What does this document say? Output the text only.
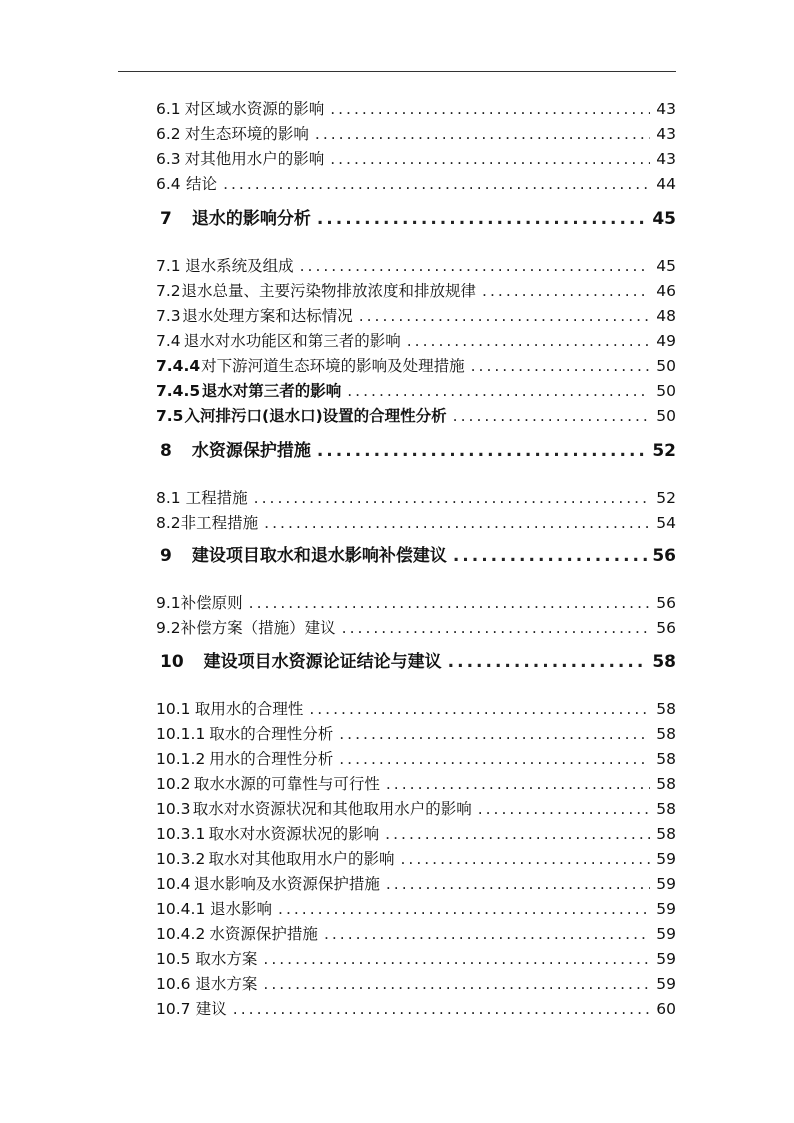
6.1 对区域水资源的影响 .....	43
6.2 对生态环境的影响 .....	43
6.3 对其他用水户的影响 .....	43
6.4 结论 .....	44
7 退水的影响分析 .....	45
7.1 退水系统及组成 .....	45
7.2 退水总量、主要污染物排放浓度和排放规律 .....	46
7.3 退水处理方案和达标情况 .....	48
7.4 退水对水功能区和第三者的影响 .....	49
7.4.4 对下游河道生态环境的影响及处理措施 .....	50
7.4.5 退水对第三者的影响 .....	50
7.5 入河排污口(退水口)设置的合理性分析 .....	50
8 水资源保护措施 .....	52
8.1 工程措施 .....	52
8.2 非工程措施 .....	54
9 建设项目取水和退水影响补偿建议 .....	56
9.1 补偿原则 .....	56
9.2 补偿方案（措施）建议 .....	56
10 建设项目水资源论证结论与建议 .....	58
10.1 取用水的合理性 .....	58
10.1.1 取水的合理性分析 .....	58
10.1.2 用水的合理性分析 .....	58
10.2 取水水源的可靠性与可行性 .....	58
10.3 取水对水资源状况和其他取用水户的影响 .....	58
10.3.1 取水对水资源状况的影响 .....	58
10.3.2 取水对其他取用水户的影响 .....	59
10.4 退水影响及水资源保护措施 .....	59
10.4.1 退水影响 .....	59
10.4.2 水资源保护措施 .....	59
10.5 取水方案 .....	59
10.6 退水方案 .....	59
10.7 建议 .....	60
